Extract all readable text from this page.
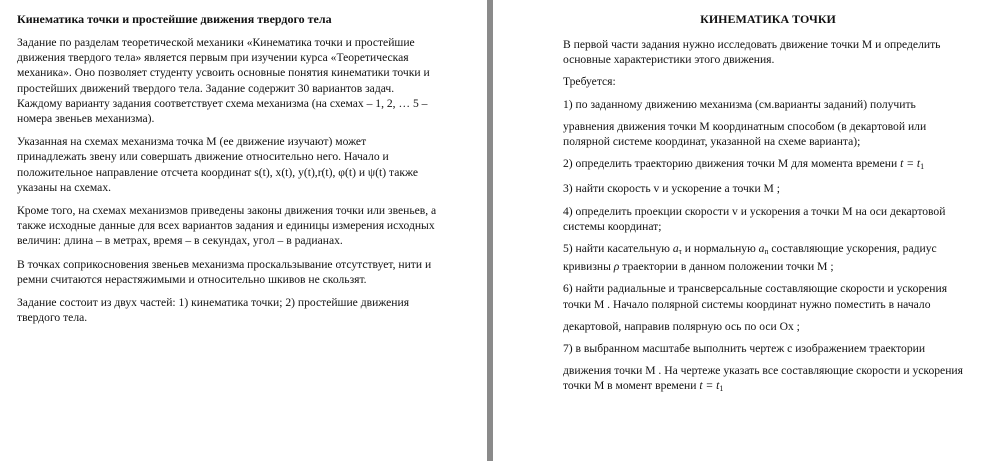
Кинематика точки и простейшие движения твердого тела

Задание по разделам теоретической механики «Кинематика точки и простейшие движения твердого тела» является первым при изучении курса «Теоретическая механика». Оно позволяет студенту усвоить основные понятия кинематики точки и простейших движений твердого тела. Задание содержит 30 вариантов задач. Каждому варианту задания соответствует схема механизма (на схемах – 1, 2, … 5 – номера звеньев механизма).

Указанная на схемах механизма точка М (ее движение изучают) может принадлежать звену или совершать движение относительно него. Начало и положительное направление отсчета координат s(t), x(t), y(t),r(t), φ(t) и ψ(t) также указаны на схемах.

Кроме того, на схемах механизмов приведены законы движения точки или звеньев, а также исходные данные для всех вариантов задания и единицы измерения исходных величин: длина – в метрах, время – в секундах, угол – в радианах.

В точках соприкосновения звеньев механизма проскальзывание отсутствует, нити и ремни считаются нерастяжимыми и относительно шкивов не скользят.

Задание состоит из двух частей: 1) кинематика точки; 2) простейшие движения твердого тела.

КИНЕМАТИКА ТОЧКИ

В первой части задания нужно исследовать движение точки М и определить основные характеристики этого движения.

Требуется:

1) по заданному движению механизма (см.варианты заданий) получить

уравнения движения точки М координатным способом (в декартовой или полярной системе координат, указанной на схеме варианта);

2) определить траекторию движения точки М для момента времени $t = t_1$

3) найти скорость v и ускорение a точки М ;

4) определить проекции скорости v и ускорения a точки М на оси декартовой системы координат;

5) найти касательную $a_\tau$ и нормальную $a_n$ составляющие ускорения, радиус кривизны ρ траектории в данном положении точки М ;

6) найти радиальные и трансверсальные составляющие скорости и ускорения точки М . Начало полярной системы координат нужно поместить в начало

декартовой, направив полярную ось по оси Ох ;

7) в выбранном масштабе выполнить чертеж с изображением траектории

движения точки М . На чертеже указать все составляющие скорости и ускорения точки М в момент времени $t = t_1$
